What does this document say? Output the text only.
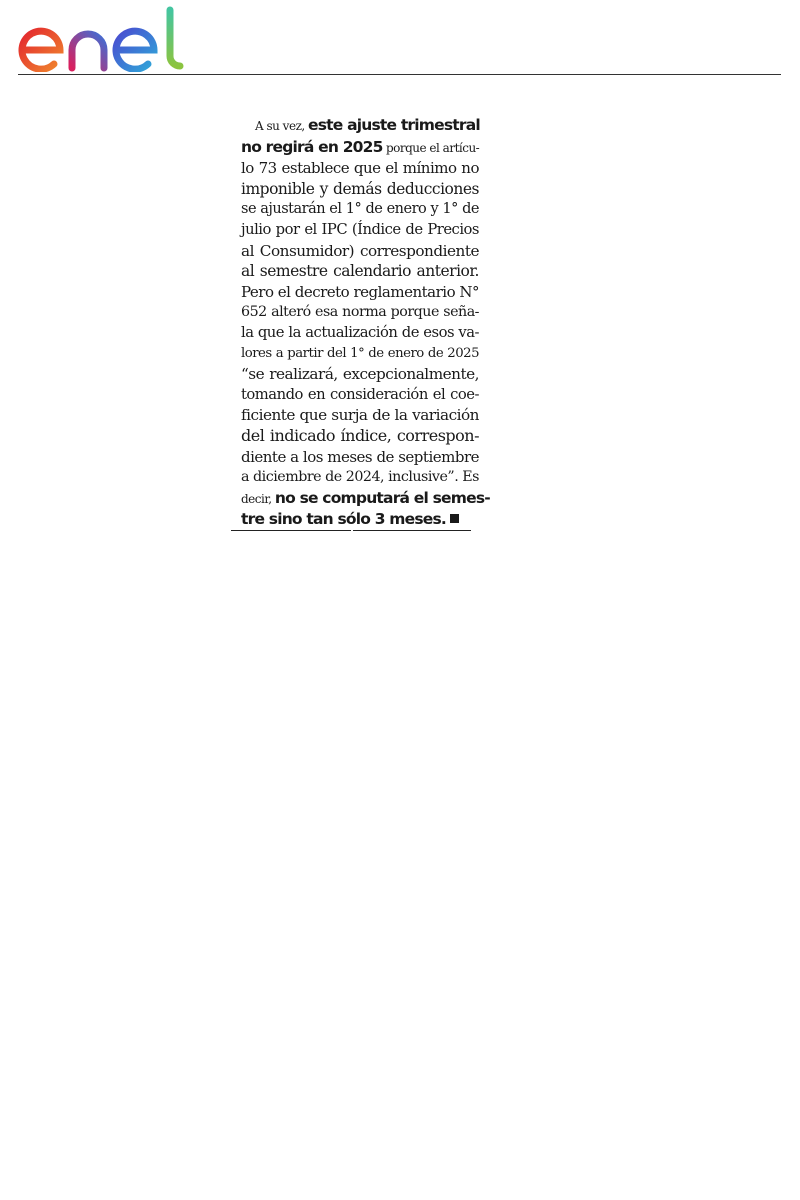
enel
A su vez, este ajuste trimestral
no regirá en 2025 porque el artícu-
lo 73 establece que el mínimo no
imponible y demás deducciones
se ajustarán el 1° de enero y 1° de
julio por el IPC (Índice de Precios
al Consumidor) correspondiente
al semestre calendario anterior.
Pero el decreto reglamentario N°
652 alteró esa norma porque seña-
la que la actualización de esos va-
lores a partir del 1° de enero de 2025
“se realizará, excepcionalmente,
tomando en consideración el coe-
ficiente que surja de la variación
del indicado índice, correspon-
diente a los meses de septiembre
a diciembre de 2024, inclusive”. Es
decir, no se computará el semes-
tre sino tan sólo 3 meses.
